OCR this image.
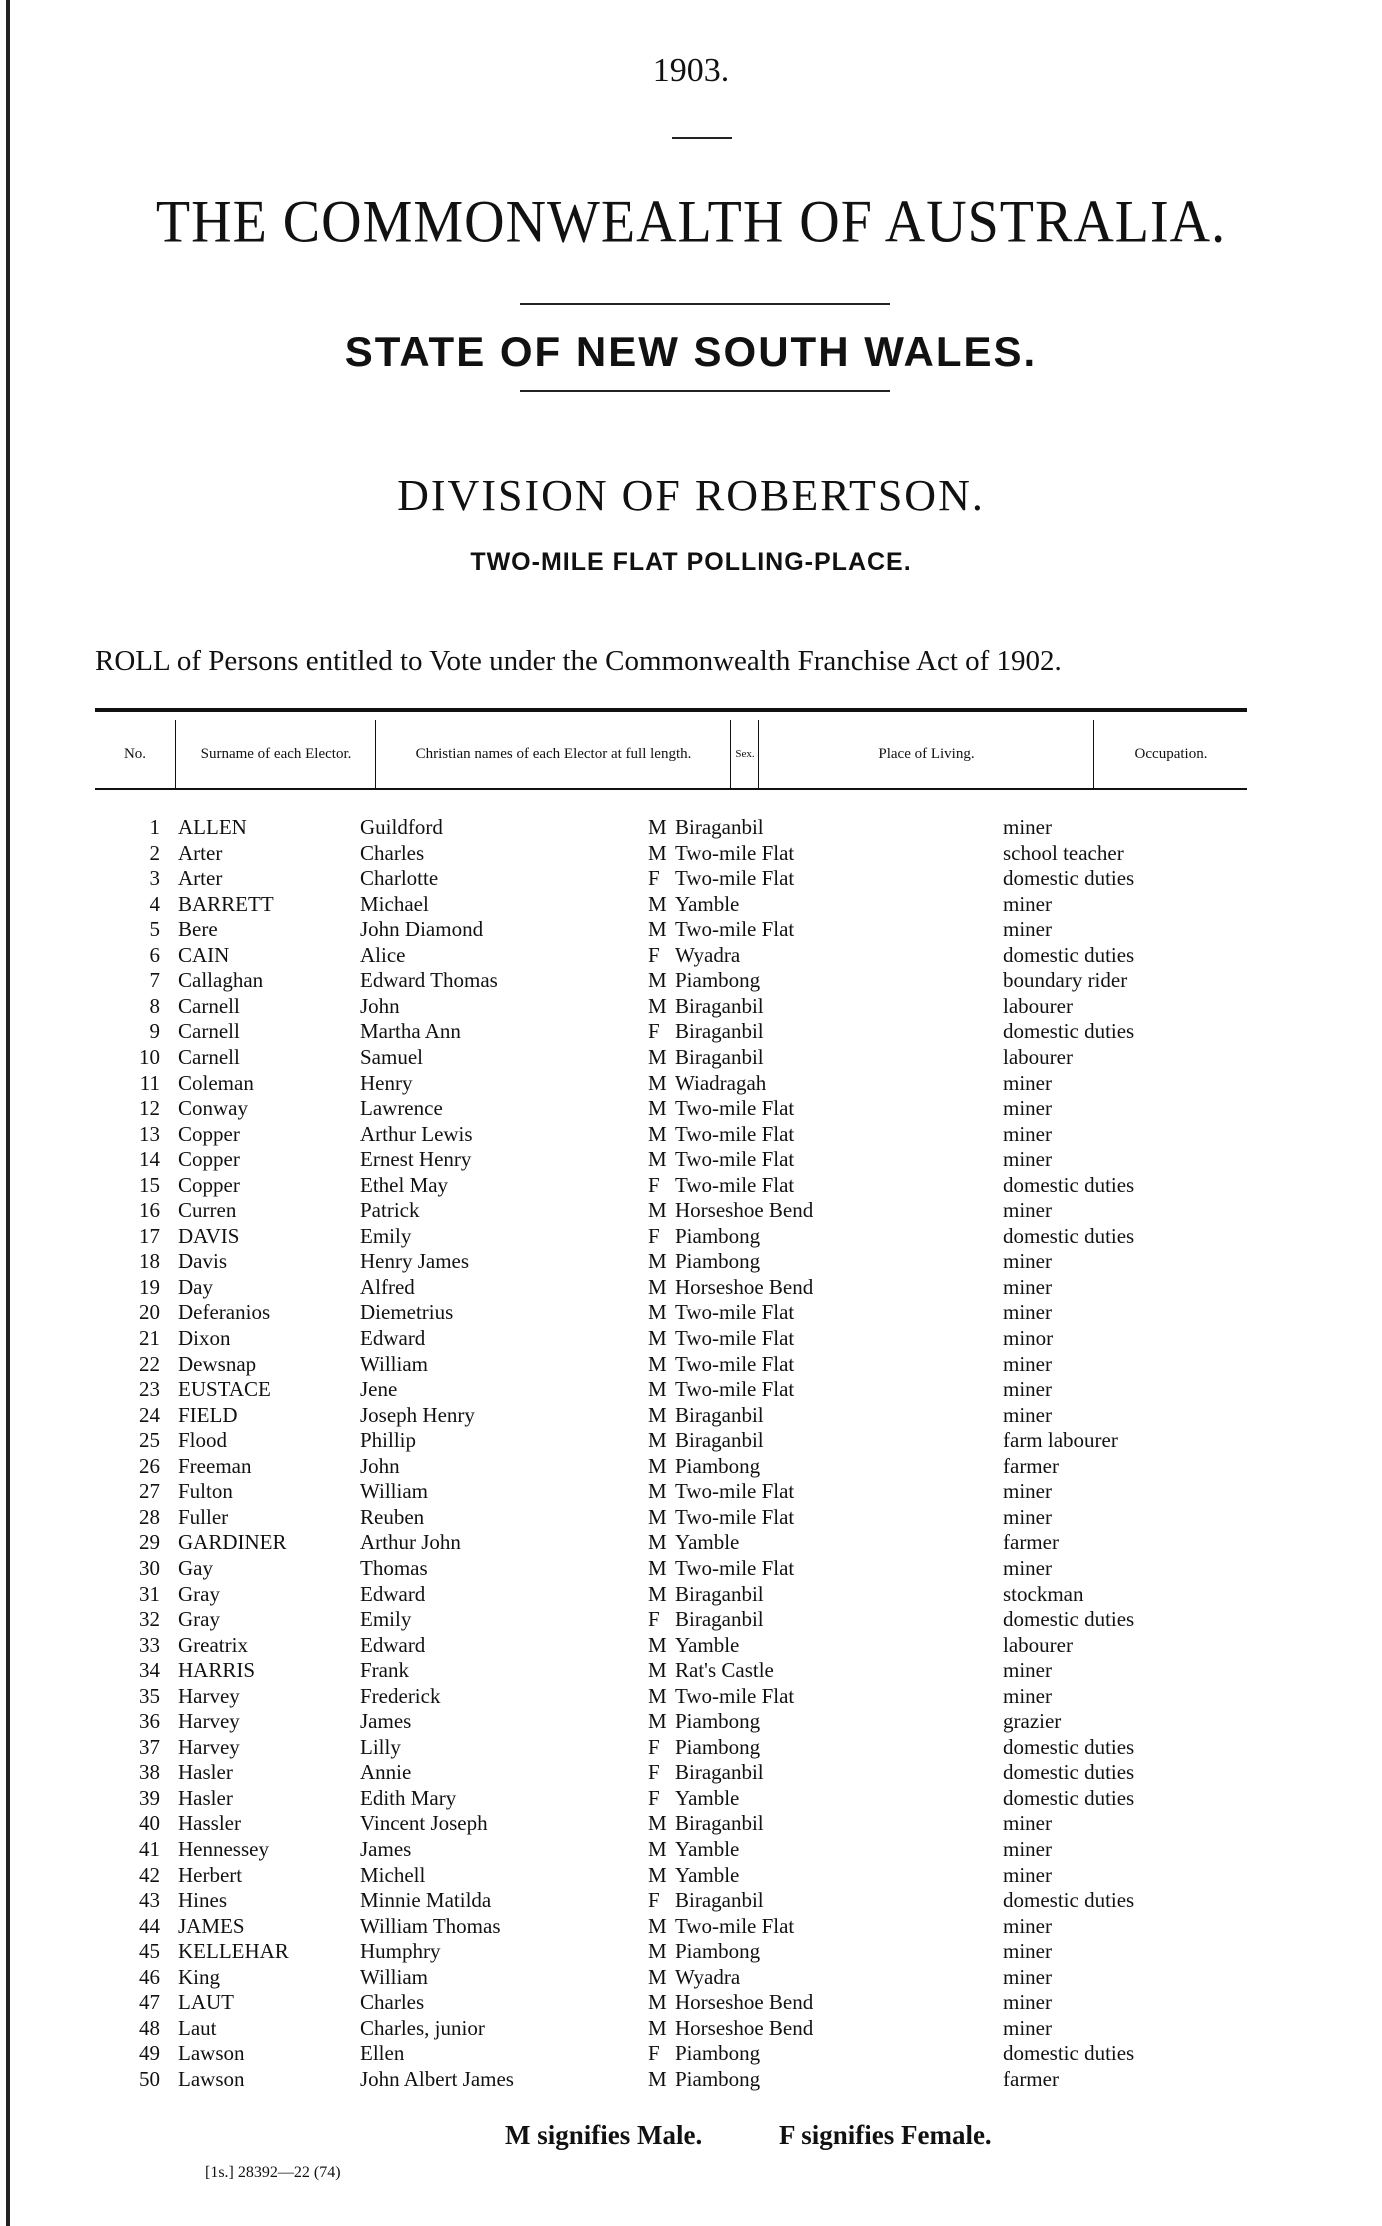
1903.
THE COMMONWEALTH OF AUSTRALIA.
STATE OF NEW SOUTH WALES.
DIVISION OF ROBERTSON.
TWO-MILE FLAT POLLING-PLACE.
ROLL of Persons entitled to Vote under the Commonwealth Franchise Act of 1902.
No.	Surname of each Elector.	Christian names of each Elector at full length.	Sex.	Place of Living.	Occupation.
1 ALLEN	Guildford	M Biraganbil	miner
2 Arter	Charles	M Two-mile Flat	school teacher
3 Arter	Charlotte	F Two-mile Flat	domestic duties
4 BARRETT	Michael	M Yamble	miner
5 Bere	John Diamond	M Two-mile Flat	miner
6 CAIN	Alice	F Wyadra	domestic duties
7 Callaghan	Edward Thomas	M Piambong	boundary rider
8 Carnell	John	M Biraganbil	labourer
9 Carnell	Martha Ann	F Biraganbil	domestic duties
10 Carnell	Samuel	M Biraganbil	labourer
11 Coleman	Henry	M Wiadragah	miner
12 Conway	Lawrence	M Two-mile Flat	miner
13 Copper	Arthur Lewis	M Two-mile Flat	miner
14 Copper	Ernest Henry	M Two-mile Flat	miner
15 Copper	Ethel May	F Two-mile Flat	domestic duties
16 Curren	Patrick	M Horseshoe Bend	miner
17 DAVIS	Emily	F Piambong	domestic duties
18 Davis	Henry James	M Piambong	miner
19 Day	Alfred	M Horseshoe Bend	miner
20 Deferanios	Diemetrius	M Two-mile Flat	miner
21 Dixon	Edward	M Two-mile Flat	minor
22 Dewsnap	William	M Two-mile Flat	miner
23 EUSTACE	Jene	M Two-mile Flat	miner
24 FIELD	Joseph Henry	M Biraganbil	miner
25 Flood	Phillip	M Biraganbil	farm labourer
26 Freeman	John	M Piambong	farmer
27 Fulton	William	M Two-mile Flat	miner
28 Fuller	Reuben	M Two-mile Flat	miner
29 GARDINER	Arthur John	M Yamble	farmer
30 Gay	Thomas	M Two-mile Flat	miner
31 Gray	Edward	M Biraganbil	stockman
32 Gray	Emily	F Biraganbil	domestic duties
33 Greatrix	Edward	M Yamble	labourer
34 HARRIS	Frank	M Rat's Castle	miner
35 Harvey	Frederick	M Two-mile Flat	miner
36 Harvey	James	M Piambong	grazier
37 Harvey	Lilly	F Piambong	domestic duties
38 Hasler	Annie	F Biraganbil	domestic duties
39 Hasler	Edith Mary	F Yamble	domestic duties
40 Hassler	Vincent Joseph	M Biraganbil	miner
41 Hennessey	James	M Yamble	miner
42 Herbert	Michell	M Yamble	miner
43 Hines	Minnie Matilda	F Biraganbil	domestic duties
44 JAMES	William Thomas	M Two-mile Flat	miner
45 KELLEHAR	Humphry	M Piambong	miner
46 King	William	M Wyadra	miner
47 LAUT	Charles	M Horseshoe Bend	miner
48 Laut	Charles, junior	M Horseshoe Bend	miner
49 Lawson	Ellen	F Piambong	domestic duties
50 Lawson	John Albert James	M Piambong	farmer
M signifies Male.	F signifies Female.
[1s.] 28392—22 (74)
